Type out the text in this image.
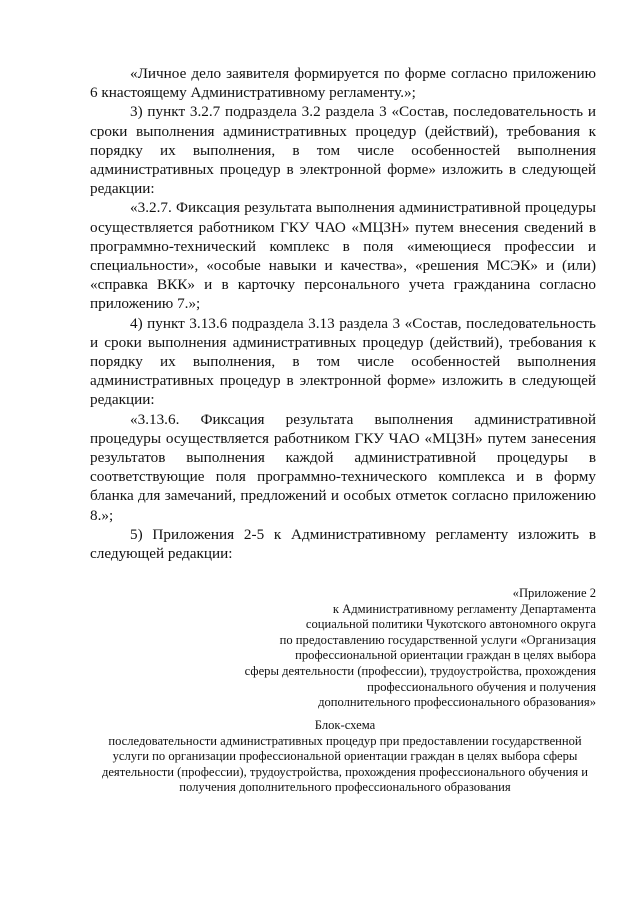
«Личное дело заявителя формируется по форме согласно приложению 6 кнастоящему Административному регламенту.»;

3) пункт 3.2.7 подраздела 3.2 раздела 3 «Состав, последовательность и сроки выполнения административных процедур (действий), требования к порядку их выполнения, в том числе особенностей выполнения административных процедур в электронной форме» изложить в следующей редакции:

«3.2.7. Фиксация результата выполнения административной процедуры осуществляется работником ГКУ ЧАО «МЦЗН» путем внесения сведений в программно-технический комплекс в поля «имеющиеся профессии и специальности», «особые навыки и качества», «решения МСЭК» и (или) «справка ВКК» и в карточку персонального учета гражданина согласно приложению 7.»;

4) пункт 3.13.6 подраздела 3.13 раздела 3 «Состав, последовательность и сроки выполнения административных процедур (действий), требования к порядку их выполнения, в том числе особенностей выполнения административных процедур в электронной форме» изложить в следующей редакции:

«3.13.6. Фиксация результата выполнения административной процедуры осуществляется работником ГКУ ЧАО «МЦЗН» путем занесения результатов выполнения каждой административной процедуры в соответствующие поля программно-технического комплекса и в форму бланка для замечаний, предложений и особых отметок согласно приложению 8.»;

5) Приложения 2-5 к Административному регламенту изложить в следующей редакции:

«Приложение 2

к Административному регламенту Департамента

социальной политики Чукотского автономного округа

по предоставлению государственной услуги «Организация

профессиональной ориентации граждан в целях выбора

сферы деятельности (профессии), трудоустройства, прохождения

профессионального обучения и получения

дополнительного профессионального образования»

Блок-схема

последовательности административных процедур при предоставлении государственной

услуги по организации профессиональной ориентации граждан в целях выбора сферы

деятельности (профессии), трудоустройства, прохождения профессионального обучения и

получения дополнительного профессионального образования
